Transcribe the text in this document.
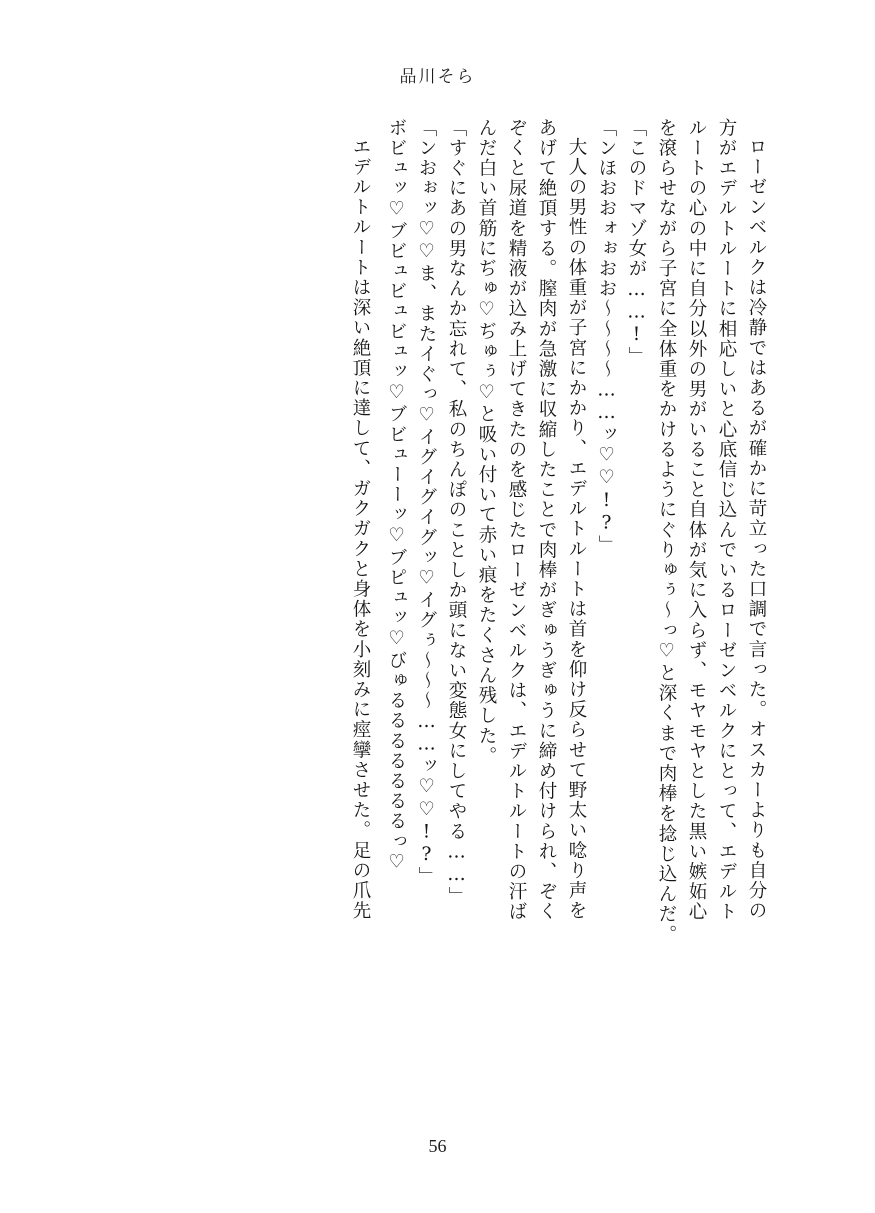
品川そら
ローゼンベルクは冷静ではあるが確かに苛立った口調で言った。オスカーよりも自分の
方がエデルトルートに相応しいと心底信じ込んでいるローゼンベルクにとって、エデルト
ルートの心の中に自分以外の男がいること自体が気に入らず、モヤモヤとした黒い嫉妬心
を滾らせながら子宮に全体重をかけるようにぐりゅぅ～っ♡と深くまで肉棒を捻じ込んだ。
「このドマゾ女が……!」
「ンほおおォぉおお～～～～……ッ♡♡!?」
大人の男性の体重が子宮にかかり、エデルトルートは首を仰け反らせて野太い唸り声を
あげて絶頂する。膣肉が急激に収縮したことで肉棒がぎゅうぎゅうに締め付けられ、ぞく
ぞくと尿道を精液が込み上げてきたのを感じたローゼンベルクは、エデルトルートの汗ば
んだ白い首筋にぢゅ♡ぢゅぅ♡と吸い付いて赤い痕をたくさん残した。
「すぐにあの男なんか忘れて、私のちんぽのことしか頭にない変態女にしてやる……」
「ンおぉッ♡♡ま、またイぐっ♡イグイグイグッ♡イグぅ～～～……ッ♡♡!?」
ボビュッ♡ブビュビュビュッ♡ブビューーッ♡ブピュッ♡びゅるるるるるるるっ♡
エデルトルートは深い絶頂に達して、ガクガクと身体を小刻みに痙攣させた。足の爪先
56
